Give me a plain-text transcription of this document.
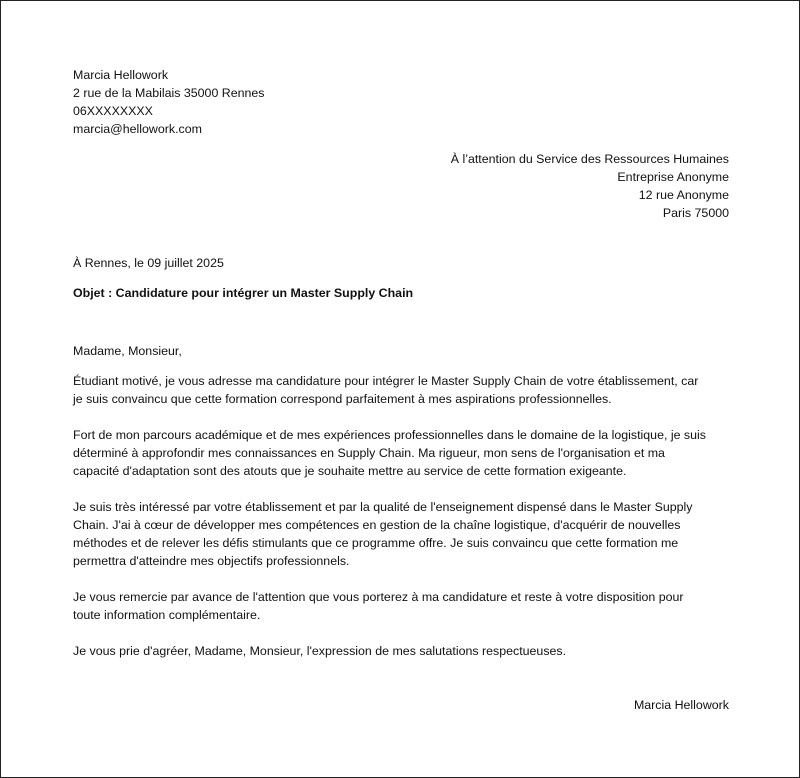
Marcia Hellowork
2 rue de la Mabilais 35000 Rennes
06XXXXXXXX
marcia@hellowork.com
À l’attention du Service des Ressources Humaines
Entreprise Anonyme
12 rue Anonyme
Paris 75000
À Rennes, le 09 juillet 2025
Objet : Candidature pour intégrer un Master Supply Chain
Madame, Monsieur,
Étudiant motivé, je vous adresse ma candidature pour intégrer le Master Supply Chain de votre établissement, car
je suis convaincu que cette formation correspond parfaitement à mes aspirations professionnelles.
Fort de mon parcours académique et de mes expériences professionnelles dans le domaine de la logistique, je suis
déterminé à approfondir mes connaissances en Supply Chain. Ma rigueur, mon sens de l'organisation et ma
capacité d'adaptation sont des atouts que je souhaite mettre au service de cette formation exigeante.
Je suis très intéressé par votre établissement et par la qualité de l'enseignement dispensé dans le Master Supply
Chain. J'ai à cœur de développer mes compétences en gestion de la chaîne logistique, d'acquérir de nouvelles
méthodes et de relever les défis stimulants que ce programme offre. Je suis convaincu que cette formation me
permettra d'atteindre mes objectifs professionnels.
Je vous remercie par avance de l'attention que vous porterez à ma candidature et reste à votre disposition pour
toute information complémentaire.
Je vous prie d'agréer, Madame, Monsieur, l'expression de mes salutations respectueuses.
Marcia Hellowork
